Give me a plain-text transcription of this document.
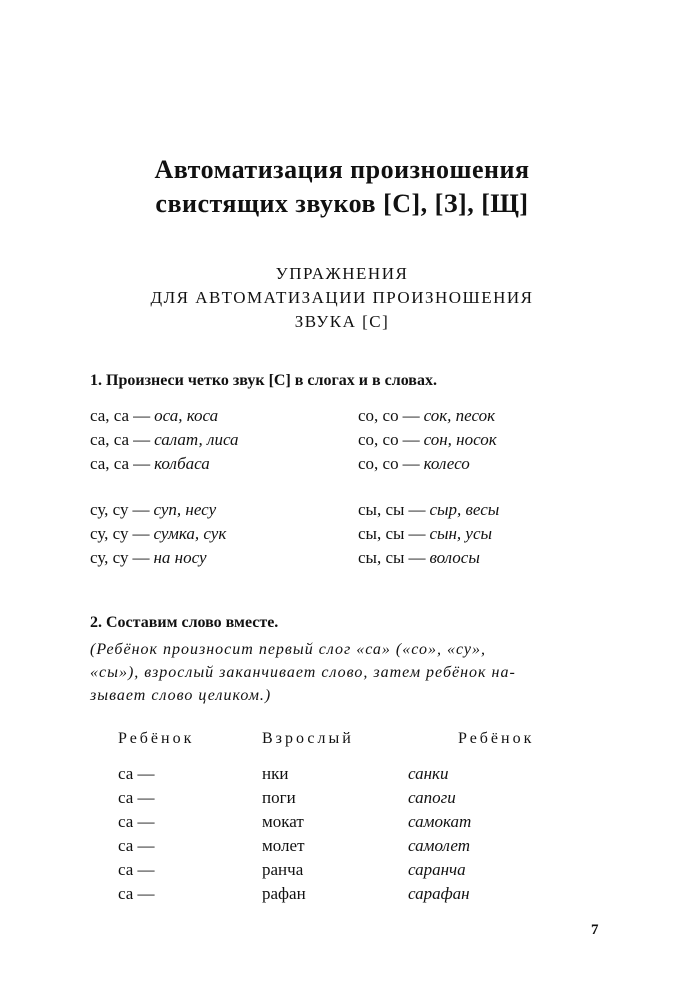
Автоматизация произношения
свистящих звуков [С], [З], [Щ]
УПРАЖНЕНИЯ
ДЛЯ АВТОМАТИЗАЦИИ ПРОИЗНОШЕНИЯ
ЗВУКА [С]
1. Произнеси четко звук [С] в слогах и в словах.
са, са — оса, коса	со, со — сок, песок
са, са — салат, лиса	со, со — сон, носок
са, са — колбаса	со, со — колесо
су, су — суп, несу	сы, сы — сыр, весы
су, су — сумка, сук	сы, сы — сын, усы
су, су — на носу	сы, сы — волосы
2. Составим слово вместе.
(Ребёнок произносит первый слог «са» («со», «су»,
«сы»), взрослый заканчивает слово, затем ребёнок на-
зывает слово целиком.)
Ребёнок	Взрослый	Ребёнок
са —	нки	санки
са —	поги	сапоги
са —	мокат	самокат
са —	молет	самолет
са —	ранча	саранча
са —	рафан	сарафан
7
